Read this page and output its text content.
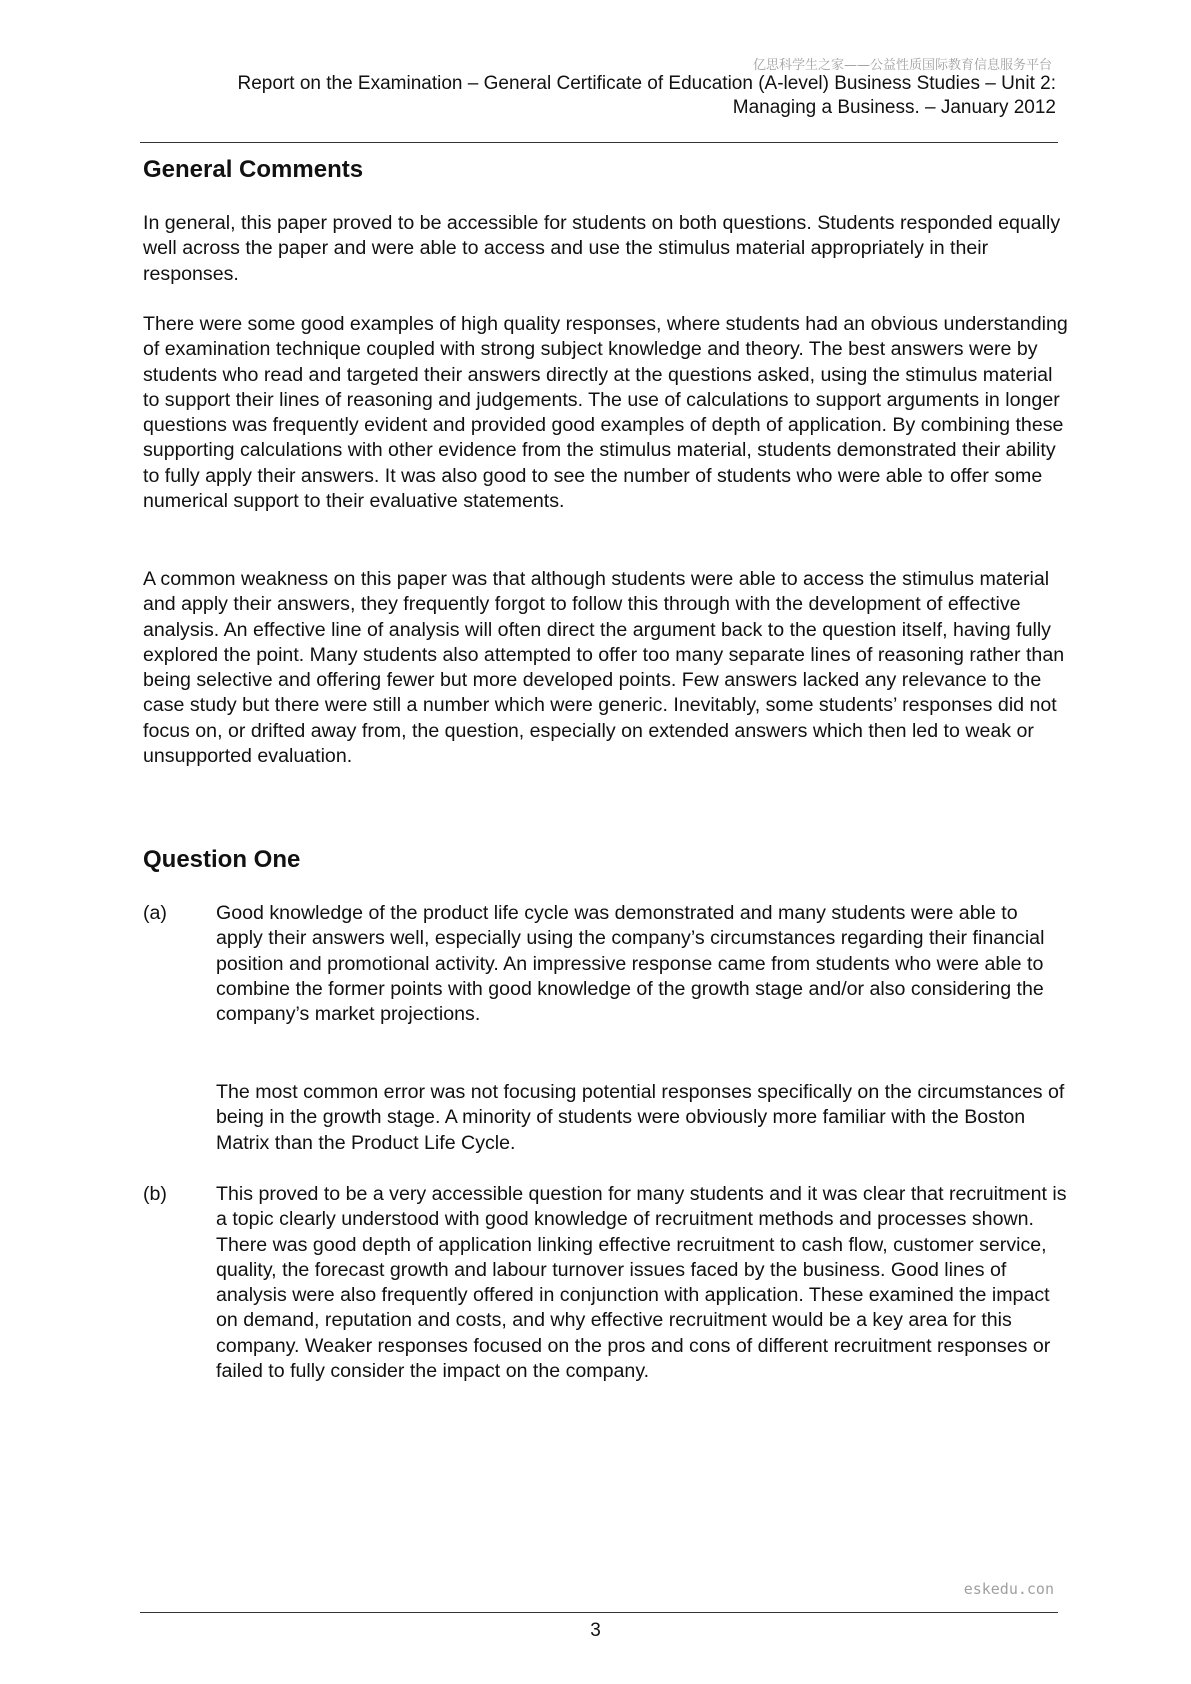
亿思科学生之家——公益性质国际教育信息服务平台
Report on the Examination – General Certificate of Education (A-level) Business Studies – Unit 2:
Managing a Business. – January 2012
General Comments

In general, this paper proved to be accessible for students on both questions. Students responded equally well across the paper and were able to access and use the stimulus material appropriately in their responses.

There were some good examples of high quality responses, where students had an obvious understanding of examination technique coupled with strong subject knowledge and theory. The best answers were by students who read and targeted their answers directly at the questions asked, using the stimulus material to support their lines of reasoning and judgements. The use of calculations to support arguments in longer questions was frequently evident and provided good examples of depth of application. By combining these supporting calculations with other evidence from the stimulus material, students demonstrated their ability to fully apply their answers. It was also good to see the number of students who were able to offer some numerical support to their evaluative statements.

A common weakness on this paper was that although students were able to access the stimulus material and apply their answers, they frequently forgot to follow this through with the development of effective analysis. An effective line of analysis will often direct the argument back to the question itself, having fully explored the point. Many students also attempted to offer too many separate lines of reasoning rather than being selective and offering fewer but more developed points. Few answers lacked any relevance to the case study but there were still a number which were generic. Inevitably, some students’ responses did not focus on, or drifted away from, the question, especially on extended answers which then led to weak or unsupported evaluation.

Question One
(a)	Good knowledge of the product life cycle was demonstrated and many students were able to apply their answers well, especially using the company’s circumstances regarding their financial position and promotional activity. An impressive response came from students who were able to combine the former points with good knowledge of the growth stage and/or also considering the company’s market projections.

The most common error was not focusing potential responses specifically on the circumstances of being in the growth stage. A minority of students were obviously more familiar with the Boston Matrix than the Product Life Cycle.

(b)	This proved to be a very accessible question for many students and it was clear that recruitment is a topic clearly understood with good knowledge of recruitment methods and processes shown. There was good depth of application linking effective recruitment to cash flow, customer service, quality, the forecast growth and labour turnover issues faced by the business. Good lines of analysis were also frequently offered in conjunction with application. These examined the impact on demand, reputation and costs, and why effective recruitment would be a key area for this company. Weaker responses focused on the pros and cons of different recruitment responses or failed to fully consider the impact on the company.

eskedu.con
3
